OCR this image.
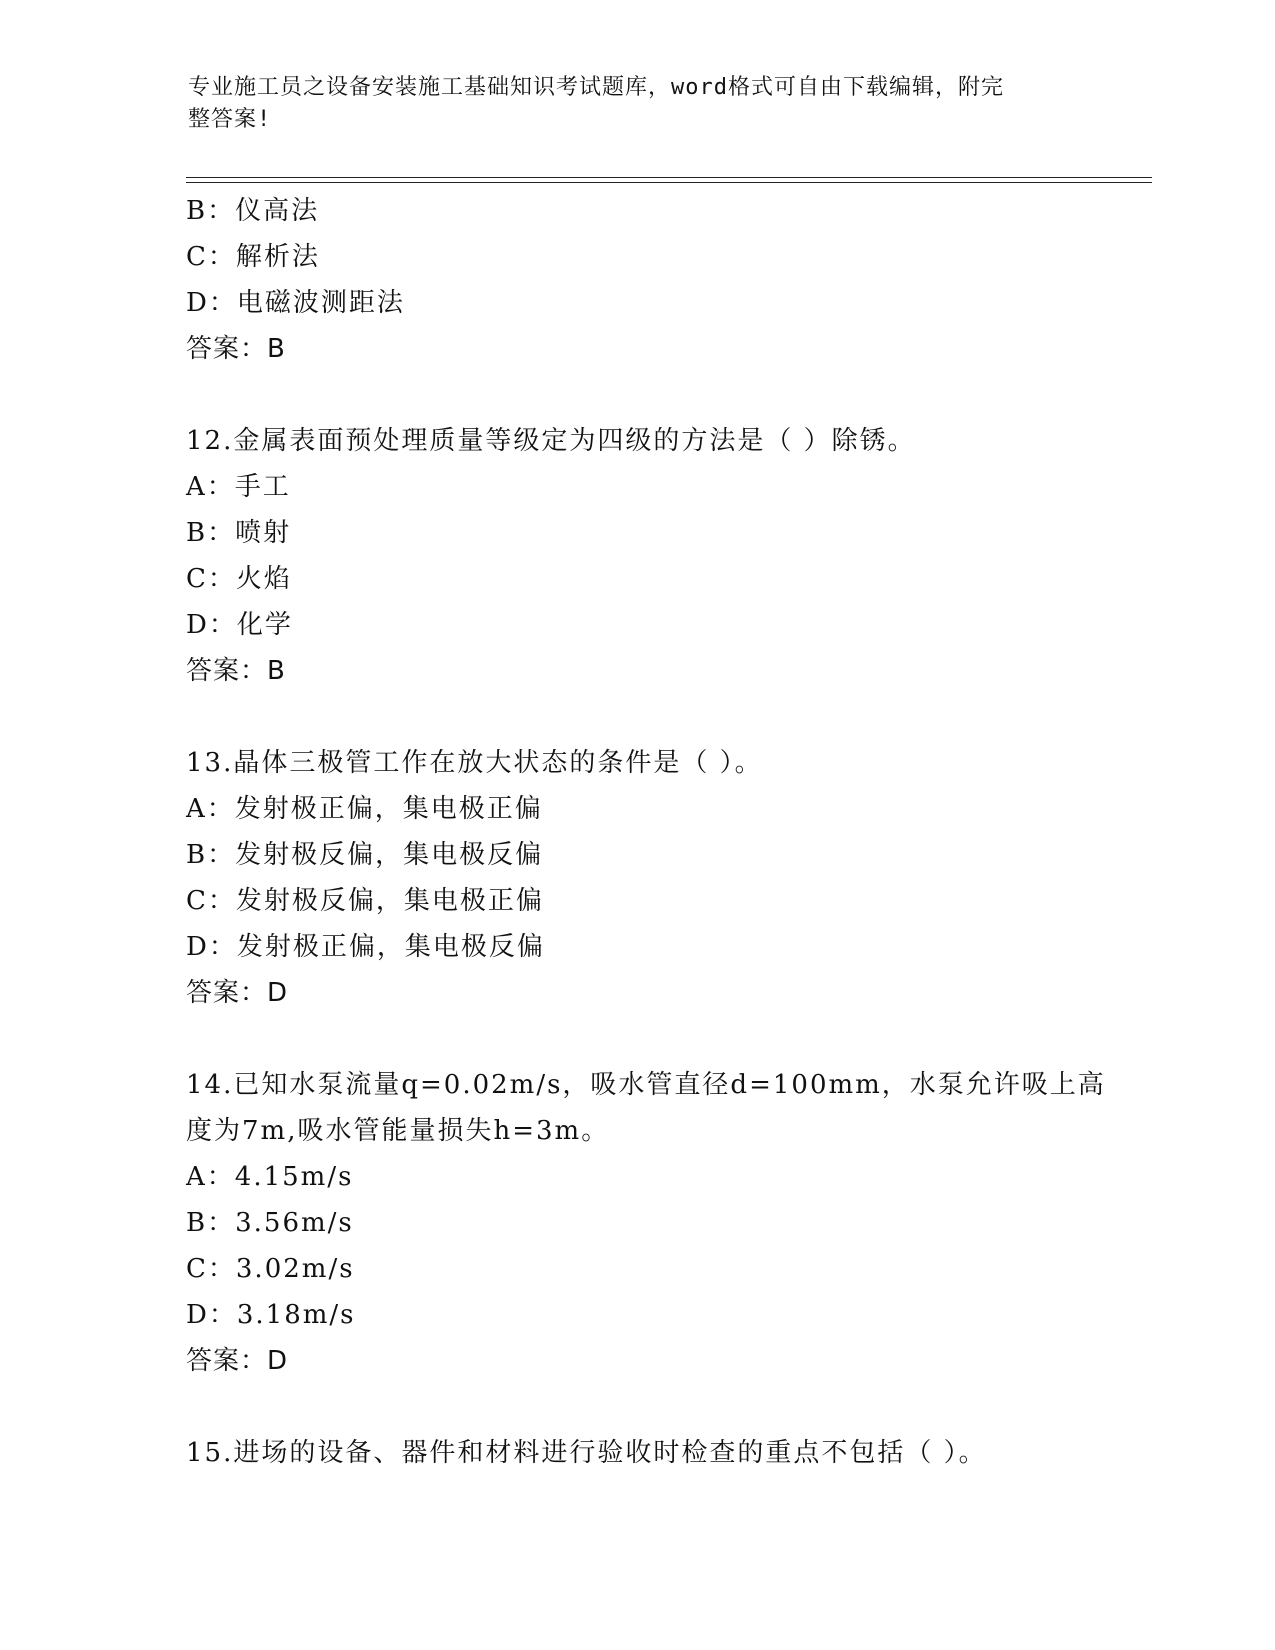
专业施工员之设备安装施工基础知识考试题库，word格式可自由下载编辑，附完
整答案!
B：仪高法
C：解析法
D：电磁波测距法
答案：B
12.金属表面预处理质量等级定为四级的方法是（ ）除锈。
A：手工
B：喷射
C：火焰
D：化学
答案：B
13.晶体三极管工作在放大状态的条件是（ ）。
A：发射极正偏，集电极正偏
B：发射极反偏，集电极反偏
C：发射极反偏，集电极正偏
D：发射极正偏，集电极反偏
答案：D
14.已知水泵流量q=0.02m/s，吸水管直径d=100mm，水泵允许吸上高
度为7m,吸水管能量损失h=3m。
A：4.15m/s
B：3.56m/s
C：3.02m/s
D：3.18m/s
答案：D
15.进场的设备、器件和材料进行验收时检查的重点不包括（ ）。
